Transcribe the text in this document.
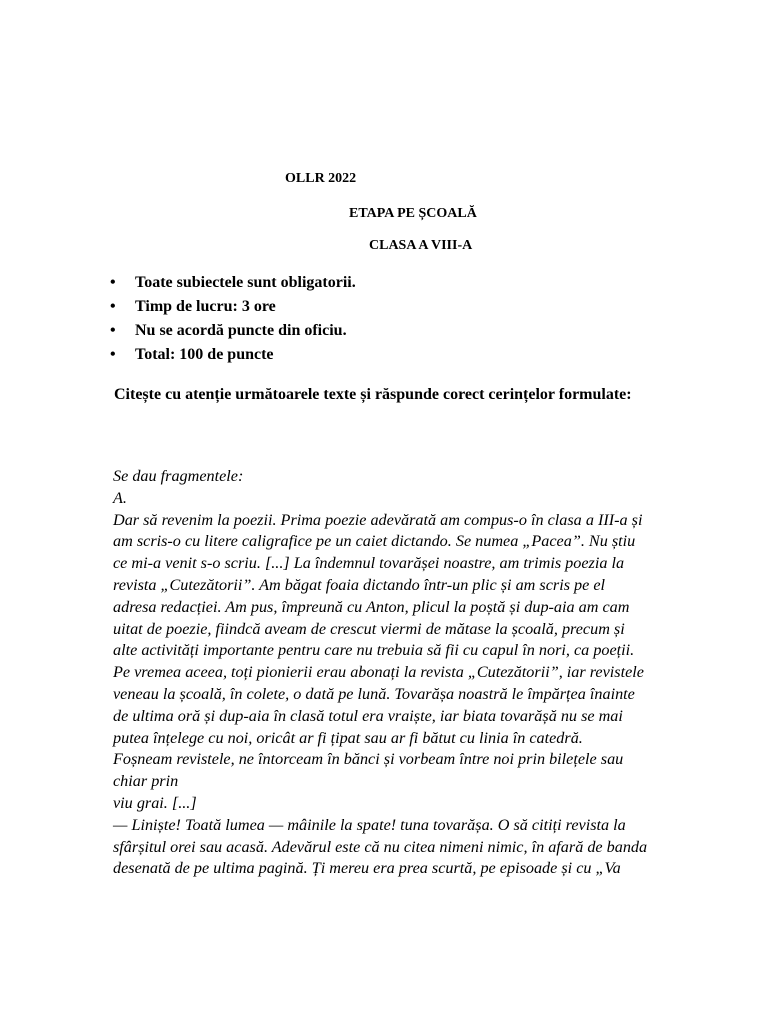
OLLR 2022
ETAPA PE ȘCOALĂ
CLASA A VIII-A
•	Toate subiectele sunt obligatorii.
•	Timp de lucru: 3 ore
•	Nu se acordă puncte din oficiu.
•	Total: 100 de puncte
Citește cu atenție următoarele texte și răspunde corect cerințelor formulate:
Se dau fragmentele:
A.
Dar să revenim la poezii. Prima poezie adevărată am compus-o în clasa a III-a și
am scris-o cu litere caligrafice pe un caiet dictando. Se numea „Pacea”. Nu știu
ce mi-a venit s-o scriu. [...] La îndemnul tovarășei noastre, am trimis poezia la
revista „Cutezătorii”. Am băgat foaia dictando într-un plic și am scris pe el
adresa redacției. Am pus, împreună cu Anton, plicul la poștă și dup-aia am cam
uitat de poezie, fiindcă aveam de crescut viermi de mătase la școală, precum și
alte activități importante pentru care nu trebuia să fii cu capul în nori, ca poeții.
Pe vremea aceea, toți pionierii erau abonați la revista „Cutezătorii”, iar revistele
veneau la școală, în colete, o dată pe lună. Tovarășa noastră le împărțea înainte
de ultima oră și dup-aia în clasă totul era vraiște, iar biata tovarășă nu se mai
putea înțelege cu noi, oricât ar fi țipat sau ar fi bătut cu linia în catedră.
Foșneam revistele, ne întorceam în bănci și vorbeam între noi prin bilețele sau
chiar prin
viu grai. [...]
— Liniște! Toată lumea — mâinile la spate! tuna tovarășa. O să citiți revista la
sfârșitul orei sau acasă. Adevărul este că nu citea nimeni nimic, în afară de banda
desenată de pe ultima pagină. Ți mereu era prea scurtă, pe episoade și cu „Va
